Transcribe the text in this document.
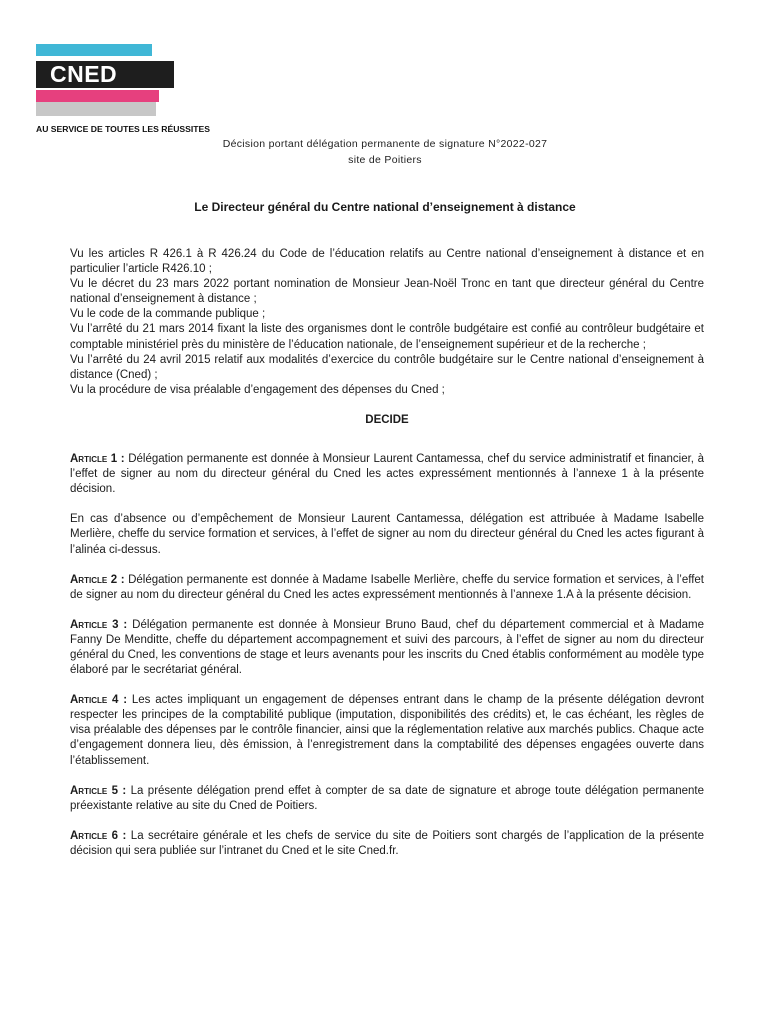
CNED
AU SERVICE DE TOUTES LES RÉUSSITES
Décision portant délégation permanente de signature N°2022-027
site de Poitiers
Le Directeur général du Centre national d’enseignement à distance

Vu les articles R 426.1 à R 426.24 du Code de l’éducation relatifs au Centre national d’enseignement à distance et en particulier l’article R426.10 ;

Vu le décret du 23 mars 2022 portant nomination de Monsieur Jean-Noël Tronc en tant que directeur général du Centre national d’enseignement à distance ;

Vu le code de la commande publique ;

Vu l’arrêté du 21 mars 2014 fixant la liste des organismes dont le contrôle budgétaire est confié au contrôleur budgétaire et comptable ministériel près du ministère de l’éducation nationale, de l’enseignement supérieur et de la recherche ;

Vu l’arrêté du 24 avril 2015 relatif aux modalités d’exercice du contrôle budgétaire sur le Centre national d’enseignement à distance (Cned) ;

Vu la procédure de visa préalable d’engagement des dépenses du Cned ;

DECIDE

Article 1 : Délégation permanente est donnée à Monsieur Laurent Cantamessa, chef du service administratif et financier, à l’effet de signer au nom du directeur général du Cned les actes expressément mentionnés à l’annexe 1 à la présente décision.

En cas d’absence ou d’empêchement de Monsieur Laurent Cantamessa, délégation est attribuée à Madame Isabelle Merlière, cheffe du service formation et services, à l’effet de signer au nom du directeur général du Cned les actes figurant à l’alinéa ci-dessus.

Article 2 : Délégation permanente est donnée à Madame Isabelle Merlière, cheffe du service formation et services, à l’effet de signer au nom du directeur général du Cned les actes expressément mentionnés à l’annexe 1.A à la présente décision.

Article 3 : Délégation permanente est donnée à Monsieur Bruno Baud, chef du département commercial et à Madame Fanny De Menditte, cheffe du département accompagnement et suivi des parcours, à l’effet de signer au nom du directeur général du Cned, les conventions de stage et leurs avenants pour les inscrits du Cned établis conformément au modèle type élaboré par le secrétariat général.

Article 4 : Les actes impliquant un engagement de dépenses entrant dans le champ de la présente délégation devront respecter les principes de la comptabilité publique (imputation, disponibilités des crédits) et, le cas échéant, les règles de visa préalable des dépenses par le contrôle financier, ainsi que la réglementation relative aux marchés publics. Chaque acte d’engagement donnera lieu, dès émission, à l’enregistrement dans la comptabilité des dépenses engagées ouverte dans l’établissement.

Article 5 : La présente délégation prend effet à compter de sa date de signature et abroge toute délégation permanente préexistante relative au site du Cned de Poitiers.

Article 6 : La secrétaire générale et les chefs de service du site de Poitiers sont chargés de l’application de la présente décision qui sera publiée sur l’intranet du Cned et le site Cned.fr.
